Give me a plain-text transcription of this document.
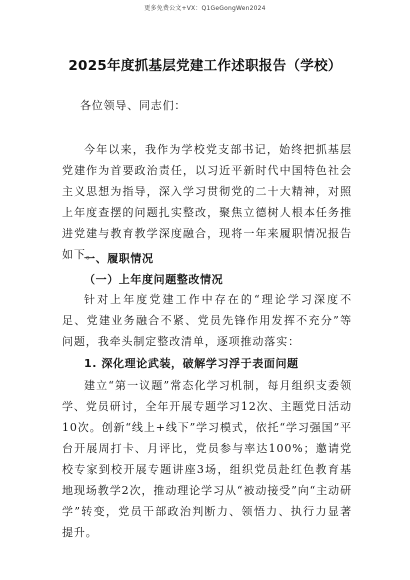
更多免费公文+VX：Q1GeGongWen2024
2025年度抓基层党建工作述职报告（学校）
各位领导、同志们：
今年以来，我作为学校党支部书记，始终把抓基层党建作为首要政治责任，以习近平新时代中国特色社会主义思想为指导，深入学习贯彻党的二十大精神，对照上年度查摆的问题扎实整改，聚焦立德树人根本任务推进党建与教育教学深度融合，现将一年来履职情况报告如下。
一、履职情况
（一）上年度问题整改情况
针对上年度党建工作中存在的“理论学习深度不足、党建业务融合不紧、党员先锋作用发挥不充分”等问题，我牵头制定整改清单，逐项推动落实：
1. 深化理论武装，破解学习浮于表面问题
建立“第一议题”常态化学习机制，每月组织支委领学、党员研讨，全年开展专题学习12次、主题党日活动10次。创新“线上+线下”学习模式，依托“学习强国”平台开展周打卡、月评比，党员参与率达100%；邀请党校专家到校开展专题讲座3场，组织党员赴红色教育基地现场教学2次，推动理论学习从“被动接受”向“主动研学”转变，党员干部政治判断力、领悟力、执行力显著提升。
